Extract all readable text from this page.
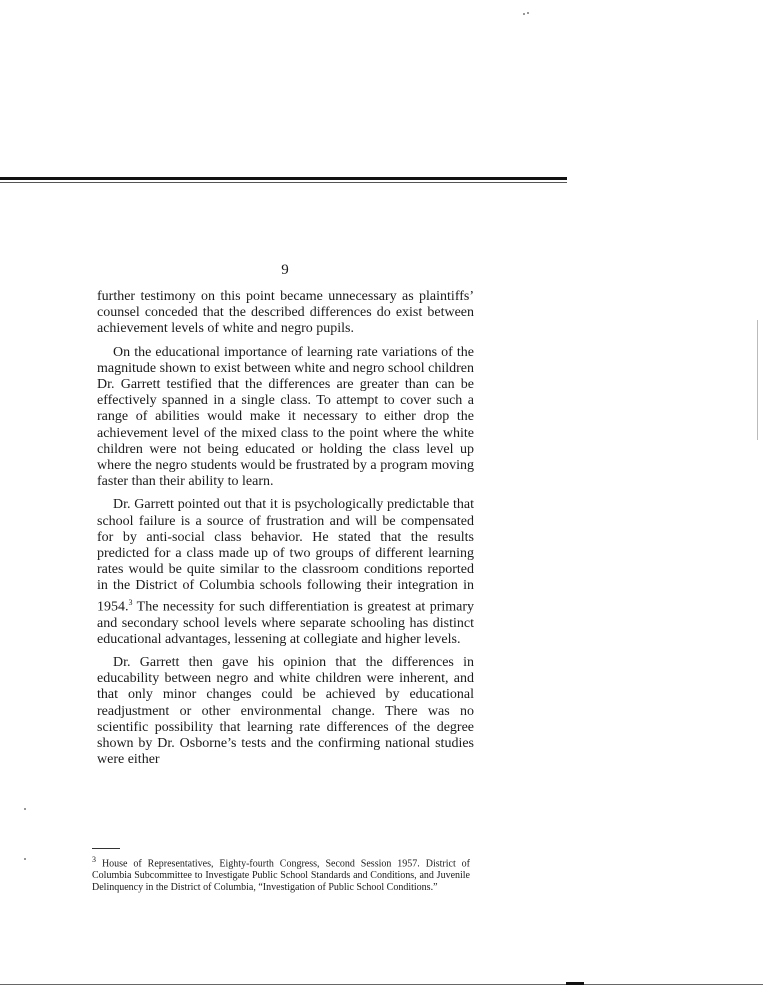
9

further testimony on this point became unnecessary as plaintiffs’ counsel conceded that the described differences do exist between achievement levels of white and negro pupils.

On the educational importance of learning rate variations of the magnitude shown to exist between white and negro school children Dr. Garrett testified that the differences are greater than can be effectively spanned in a single class. To attempt to cover such a range of abilities would make it necessary to either drop the achievement level of the mixed class to the point where the white children were not being educated or holding the class level up where the negro students would be frustrated by a program moving faster than their ability to learn.

Dr. Garrett pointed out that it is psychologically predictable that school failure is a source of frustration and will be compensated for by anti-social class behavior. He stated that the results predicted for a class made up of two groups of different learning rates would be quite similar to the classroom conditions reported in the District of Columbia schools following their integration in 1954.$^3$ The necessity for such differentiation is greatest at primary and secondary school levels where separate schooling has distinct educational advantages, lessening at collegiate and higher levels.

Dr. Garrett then gave his opinion that the differences in educability between negro and white children were inherent, and that only minor changes could be achieved by educational readjustment or other environmental change. There was no scientific possibility that learning rate differences of the degree shown by Dr. Osborne’s tests and the confirming national studies were either

$^3$ House of Representatives, Eighty-fourth Congress, Second Session 1957. District of Columbia Subcommittee to Investigate Public School Standards and Conditions, and Juvenile Delinquency in the District of Columbia, “Investigation of Public School Conditions.”
